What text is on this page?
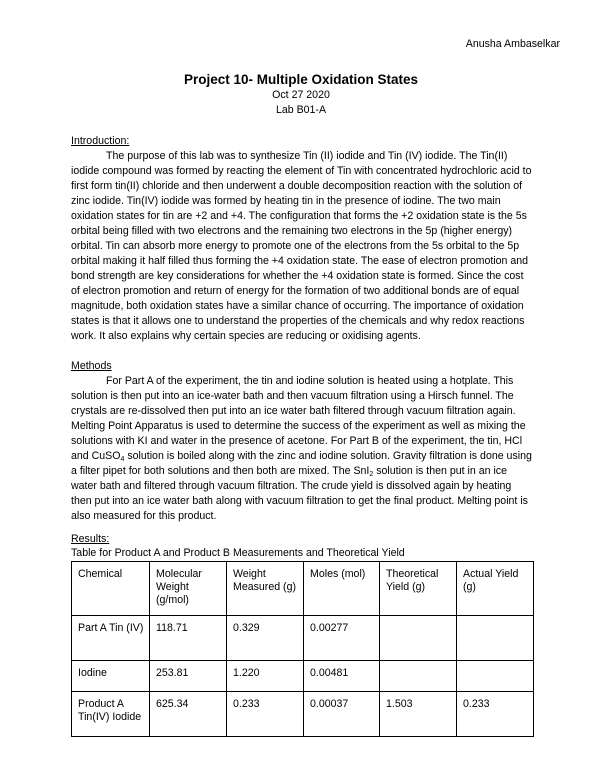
Anusha Ambaselkar
Project 10- Multiple Oxidation States
Oct 27 2020
Lab B01-A
Introduction:
The purpose of this lab was to synthesize Tin (II) iodide and Tin (IV) iodide. The Tin(II) iodide compound was formed by reacting the element of Tin with concentrated hydrochloric acid to first form tin(II) chloride and then underwent a double decomposition reaction with the solution of zinc iodide. Tin(IV) iodide was formed by heating tin in the presence of iodine. The two main oxidation states for tin are +2 and +4. The configuration that forms the +2 oxidation state is the 5s orbital being filled with two electrons and the remaining two electrons in the 5p (higher energy) orbital. Tin can absorb more energy to promote one of the electrons from the 5s orbital to the 5p orbital making it half filled thus forming the +4 oxidation state. The ease of electron promotion and bond strength are key considerations for whether the +4 oxidation state is formed. Since the cost of electron promotion and return of energy for the formation of two additional bonds are of equal magnitude, both oxidation states have a similar chance of occurring. The importance of oxidation states is that it allows one to understand the properties of the chemicals and why redox reactions work. It also explains why certain species are reducing or oxidising agents.
Methods
For Part A of the experiment, the tin and iodine solution is heated using a hotplate. This solution is then put into an ice-water bath and then vacuum filtration using a Hirsch funnel. The crystals are re-dissolved then put into an ice water bath filtered through vacuum filtration again. Melting Point Apparatus is used to determine the success of the experiment as well as mixing the solutions with KI and water in the presence of acetone. For Part B of the experiment, the tin, HCl and CuSO$_4$ solution is boiled along with the zinc and iodine solution. Gravity filtration is done using a filter pipet for both solutions and then both are mixed. The SnI$_2$ solution is then put in an ice water bath and filtered through vacuum filtration. The crude yield is dissolved again by heating then put into an ice water bath along with vacuum filtration to get the final product. Melting point is also measured for this product.
Results:
Table for Product A and Product B Measurements and Theoretical Yield
Chemical	Molecular Weight (g/mol)	Weight Measured (g)	Moles (mol)	Theoretical Yield (g)	Actual Yield (g)
Part A Tin (IV)	118.71	0.329	0.00277		
Iodine	253.81	1.220	0.00481		
Product A Tin(IV) Iodide	625.34	0.233	0.00037	1.503	0.233
